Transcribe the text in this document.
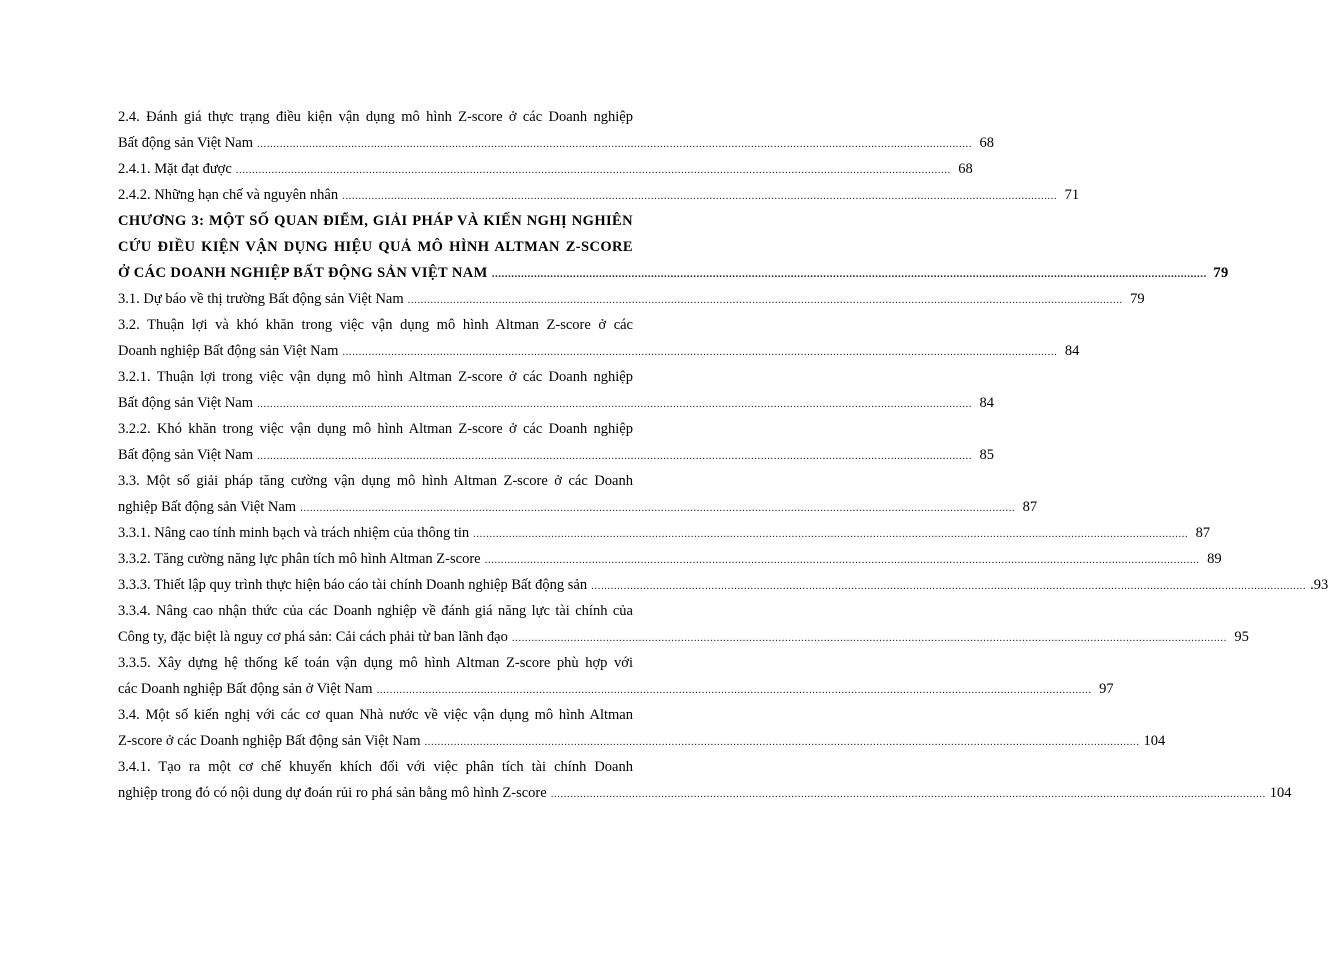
2.4. Đánh giá thực trạng điều kiện vận dụng mô hình Z-score ở các Doanh nghiệp
Bất động sản Việt Nam ............................................................................................................................................................................................................................ 68
2.4.1. Mặt đạt được ............................................................................................................................................................................................................................ 68
2.4.2. Những hạn chế và nguyên nhân ............................................................................................................................................................................................................................ 71
CHƯƠNG 3: MỘT SỐ QUAN ĐIỂM, GIẢI PHÁP VÀ KIẾN NGHỊ NGHIÊN
CỨU ĐIỀU KIỆN VẬN DỤNG HIỆU QUẢ MÔ HÌNH ALTMAN Z-SCORE
Ở CÁC DOANH NGHIỆP BẤT ĐỘNG SẢN VIỆT NAM ............................................................................................................................................................................................................................ 79
3.1. Dự báo về thị trường Bất động sản Việt Nam ............................................................................................................................................................................................................................ 79
3.2. Thuận lợi và khó khăn trong việc vận dụng mô hình Altman Z-score ở các
Doanh nghiệp Bất động sản Việt Nam ............................................................................................................................................................................................................................ 84
3.2.1. Thuận lợi trong việc vận dụng mô hình Altman Z-score ở các Doanh nghiệp
Bất động sản Việt Nam ............................................................................................................................................................................................................................ 84
3.2.2. Khó khăn trong việc vận dụng mô hình Altman Z-score ở các Doanh nghiệp
Bất động sản Việt Nam ............................................................................................................................................................................................................................ 85
3.3. Một số giải pháp tăng cường vận dụng mô hình Altman Z-score ở các Doanh
nghiệp Bất động sản Việt Nam ............................................................................................................................................................................................................................ 87
3.3.1. Nâng cao tính minh bạch và trách nhiệm của thông tin ............................................................................................................................................................................................................................ 87
3.3.2. Tăng cường năng lực phân tích mô hình Altman Z-score ............................................................................................................................................................................................................................ 89
3.3.3. Thiết lập quy trình thực hiện báo cáo tài chính Doanh nghiệp Bất động sản ............................................................................................................................................................................................................................ .93
3.3.4. Nâng cao nhận thức của các Doanh nghiệp về đánh giá năng lực tài chính của
Công ty, đặc biệt là nguy cơ phá sản: Cải cách phải từ ban lãnh đạo ............................................................................................................................................................................................................................ 95
3.3.5. Xây dựng hệ thống kế toán vận dụng mô hình Altman Z-score phù hợp với
các Doanh nghiệp Bất động sản ở Việt Nam ............................................................................................................................................................................................................................ 97
3.4. Một số kiến nghị với các cơ quan Nhà nước về việc vận dụng mô hình Altman
Z-score ở các Doanh nghiệp Bất động sản Việt Nam ............................................................................................................................................................................................................................ 104
3.4.1. Tạo ra một cơ chế khuyến khích đối với việc phân tích tài chính Doanh
nghiệp trong đó có nội dung dự đoán rủi ro phá sản bằng mô hình Z-score ............................................................................................................................................................................................................................ 104
